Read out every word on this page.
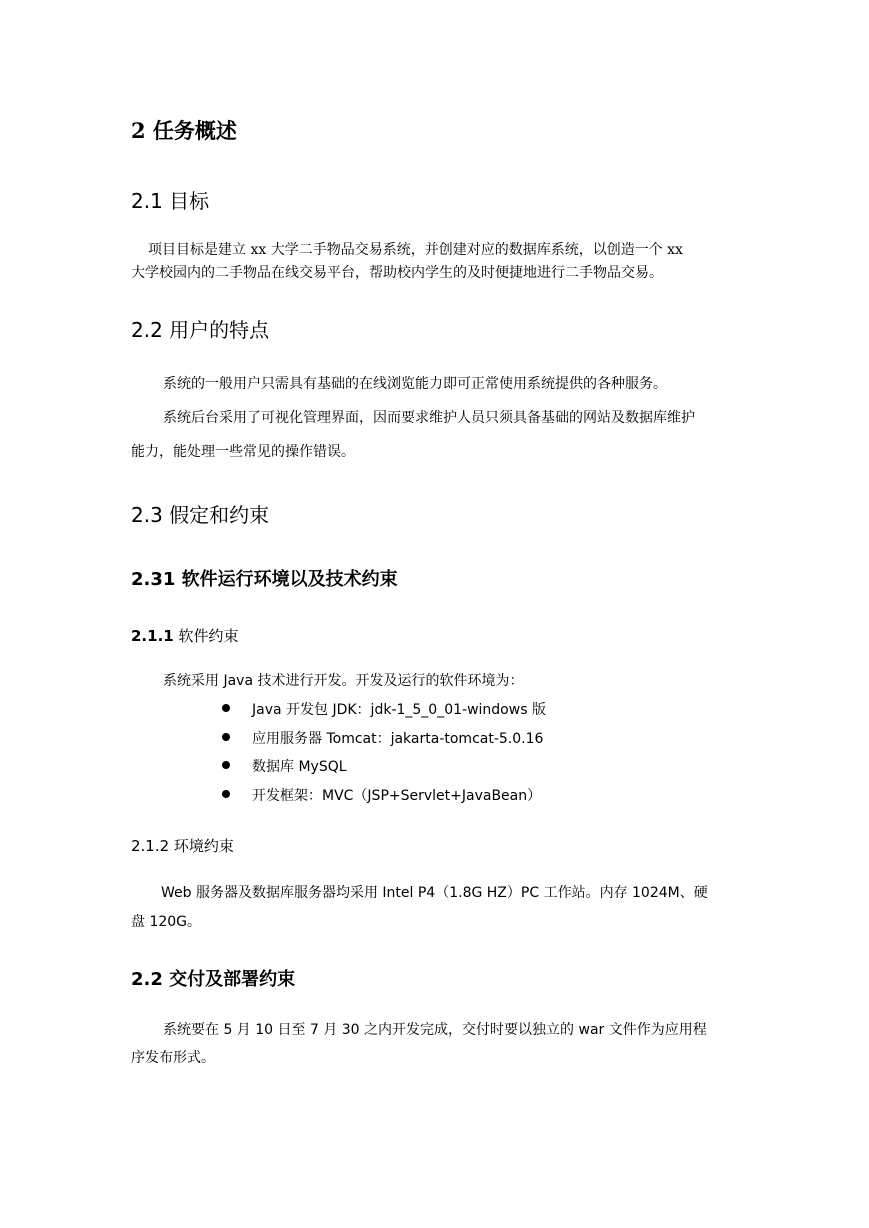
2 任务概述
2.1 目标

项目目标是建立 xx 大学二手物品交易系统，并创建对应的数据库系统，以创造一个 xx

大学校园内的二手物品在线交易平台，帮助校内学生的及时便捷地进行二手物品交易。

2.2 用户的特点

系统的一般用户只需具有基础的在线浏览能力即可正常使用系统提供的各种服务。

系统后台采用了可视化管理界面，因而要求维护人员只须具备基础的网站及数据库维护

能力，能处理一些常见的操作错误。

2.3 假定和约束
2.31 软件运行环境以及技术约束
2.1.1 软件约束

系统采用 Java 技术进行开发。开发及运行的软件环境为：

Java 开发包 JDK：jdk-1_5_0_01-windows 版
应用服务器 Tomcat：jakarta-tomcat-5.0.16
数据库 MySQL
开发框架：MVC（JSP+Servlet+JavaBean）
2.1.2 环境约束

Web 服务器及数据库服务器均采用 Intel P4（1.8G HZ）PC 工作站。内存 1024M、硬

盘 120G。

2.2 交付及部署约束

系统要在 5 月 10 日至 7 月 30 之内开发完成，交付时要以独立的 war 文件作为应用程

序发布形式。
